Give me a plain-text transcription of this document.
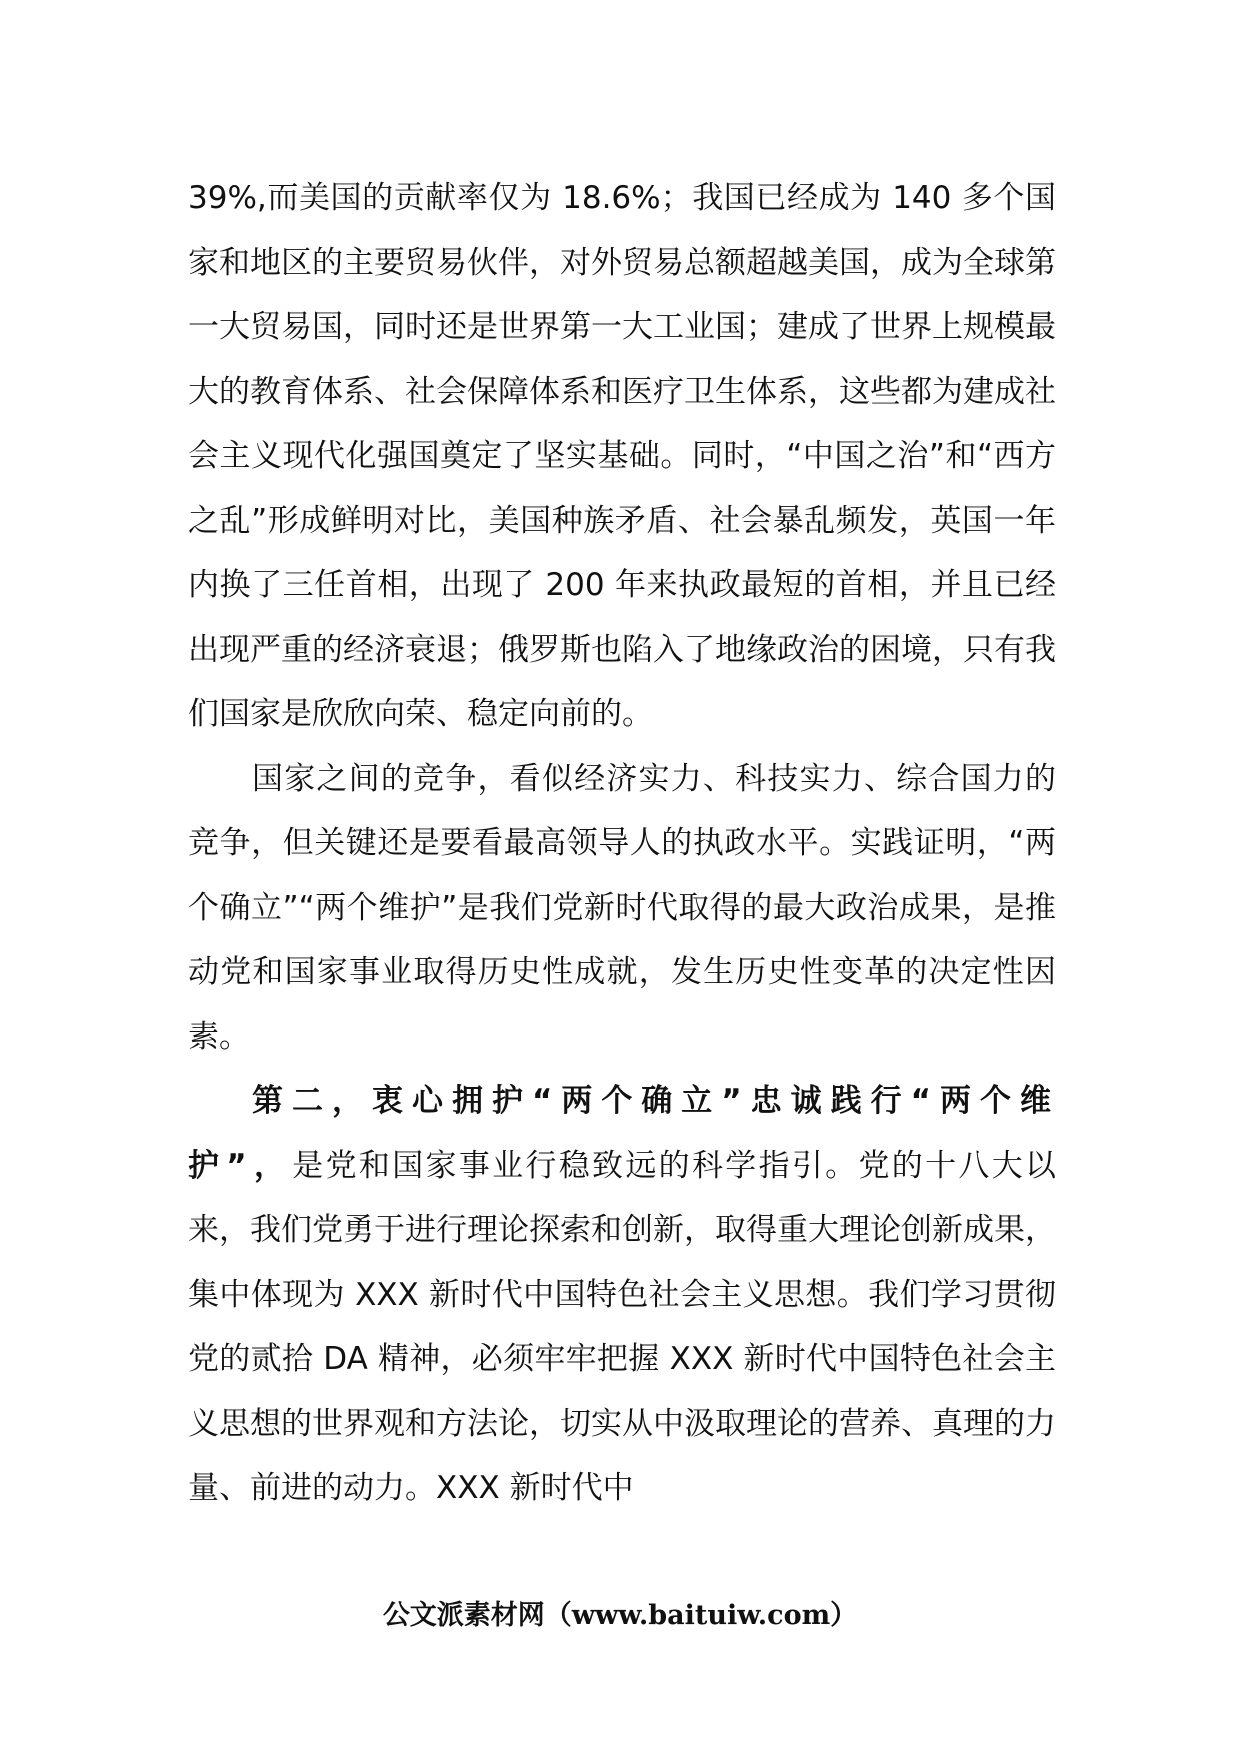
39%,而美国的贡献率仅为 18.6%；我国已经成为 140 多个国家和地区的主要贸易伙伴，对外贸易总额超越美国，成为全球第一大贸易国，同时还是世界第一大工业国；建成了世界上规模最大的教育体系、社会保障体系和医疗卫生体系，这些都为建成社会主义现代化强国奠定了坚实基础。同时，“中国之治”和“西方之乱”形成鲜明对比，美国种族矛盾、社会暴乱频发，英国一年内换了三任首相，出现了 200 年来执政最短的首相，并且已经出现严重的经济衰退；俄罗斯也陷入了地缘政治的困境，只有我们国家是欣欣向荣、稳定向前的。

国家之间的竞争，看似经济实力、科技实力、综合国力的竞争，但关键还是要看最高领导人的执政水平。实践证明，“两个确立”“两个维护”是我们党新时代取得的最大政治成果，是推动党和国家事业取得历史性成就，发生历史性变革的决定性因素。

第二，衷心拥护“两个确立”忠诚践行“两个维护”，是党和国家事业行稳致远的科学指引。党的十八大以来，我们党勇于进行理论探索和创新，取得重大理论创新成果，集中体现为 XXX 新时代中国特色社会主义思想。我们学习贯彻党的贰拾 DA 精神，必须牢牢把握 XXX 新时代中国特色社会主义思想的世界观和方法论，切实从中汲取理论的营养、真理的力量、前进的动力。XXX 新时代中

公文派素材网（www.baituiw.com）
